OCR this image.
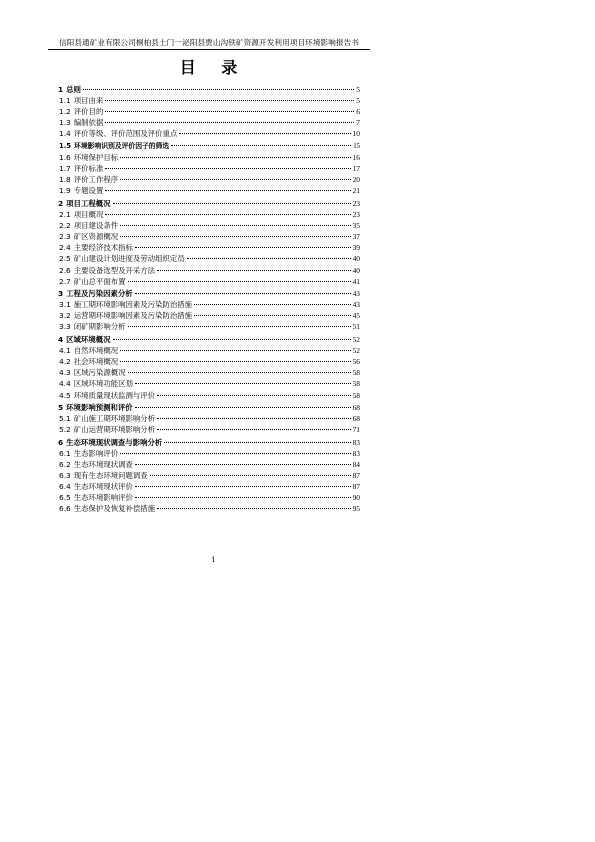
信阳县通矿业有限公司桐柏县土门一泌阳县贾山沟铁矿资源开发利用项目环境影响报告书
目 录
1 总则	5
1.1 项目由来	5
1.2 评价目的	6
1.3 编制依据	7
1.4 评价等级、评价范围及评价重点	10
1.5 环境影响识别及评价因子的筛选	15
1.6 环境保护目标	16
1.7 评价标准	17
1.8 评价工作程序	20
1.9 专题设置	21
2 项目工程概况	23
2.1 项目概况	23
2.2 项目建设条件	35
2.3 矿区资源概况	37
2.4 主要经济技术指标	39
2.5 矿山建设计划进度及劳动组织定员	40
2.6 主要设备选型及开采方法	40
2.7 矿山总平面布置	41
3 工程及污染因素分析	43
3.1 施工期环境影响因素及污染防治措施	43
3.2 运营期环境影响因素及污染防治措施	45
3.3 闭矿期影响分析	51
4 区域环境概况	52
4.1 自然环境概况	52
4.2 社会环境概况	56
4.3 区域污染源概况	58
4.4 区域环境功能区划	58
4.5 环境质量现状监测与评价	58
5 环境影响预测和评价	68
5.1 矿山施工期环境影响分析	68
5.2 矿山运营期环境影响分析	71
6 生态环境现状调查与影响分析	83
6.1 生态影响评价	83
6.2 生态环境现状调查	84
6.3 现有生态环境问题调查	87
6.4 生态环境现状评价	87
6.5 生态环境影响评价	90
6.6 生态保护及恢复补偿措施	95
1
